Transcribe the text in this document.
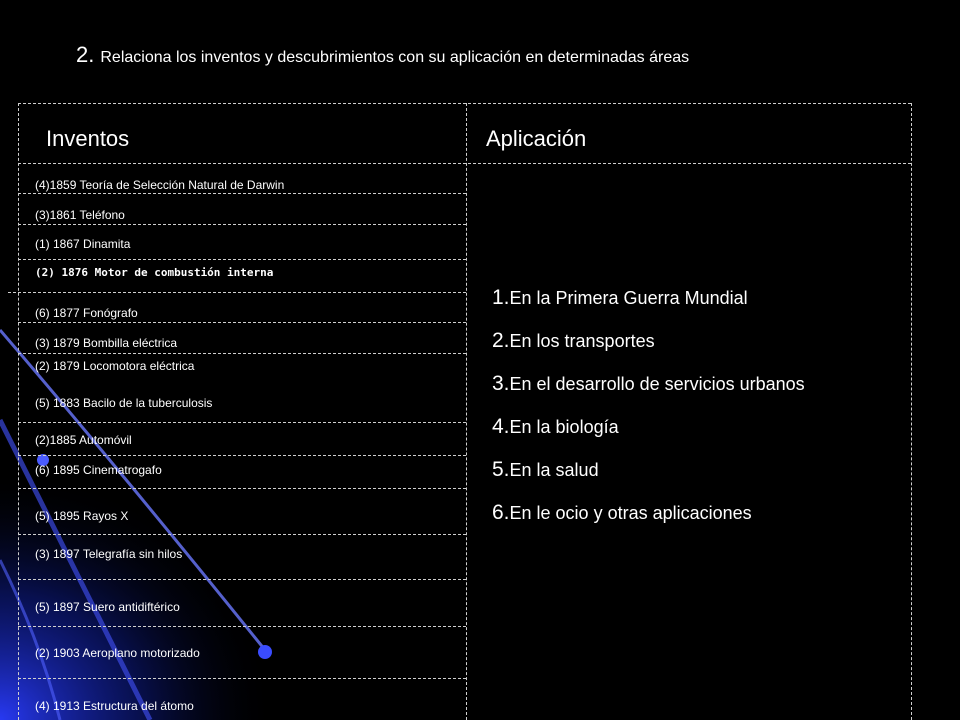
2. Relaciona los inventos y descubrimientos con su aplicación en determinadas áreas
Inventos	Aplicación
(4)1859 Teoría de Selección Natural de Darwin
(3)1861 Teléfono
(1) 1867 Dinamita
(2) 1876 Motor de combustión interna
(6) 1877 Fonógrafo
(3) 1879 Bombilla eléctrica
(2) 1879 Locomotora eléctrica
(5) 1883 Bacilo de la tuberculosis
(2)1885 Automóvil
(6) 1895 Cinematrogafo
(5) 1895 Rayos X
(3) 1897 Telegrafía sin hilos
(5) 1897 Suero antidiftérico
(2) 1903 Aeroplano motorizado
(4) 1913 Estructura del átomo
1.En la Primera Guerra Mundial
2.En los transportes
3.En el desarrollo de servicios urbanos
4.En la biología
5.En la salud
6.En le ocio y otras aplicaciones
